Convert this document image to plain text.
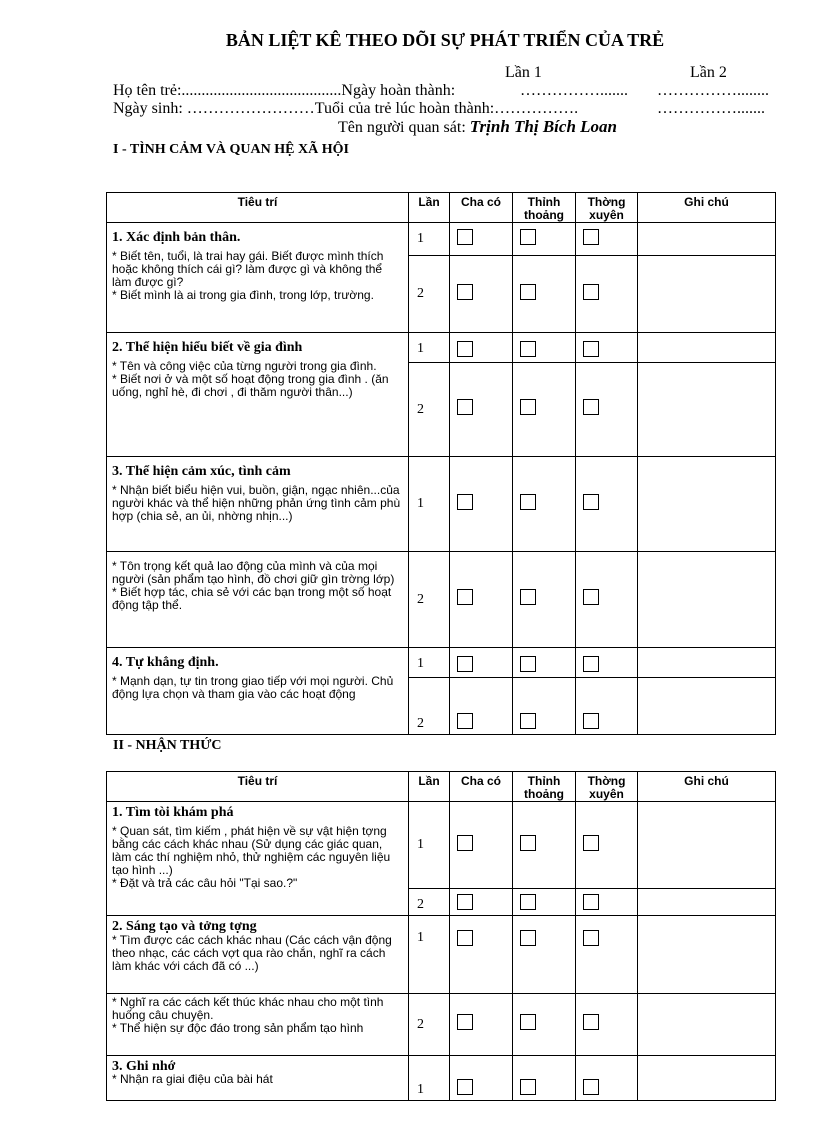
BẢN LIỆT KÊ THEO DÕI SỰ PHÁT TRIỂN CỦA TRẺ
Lần 1	Lần 2
Họ tên trẻ:........................................Ngày hoàn thành:	……………....... ……………........
Ngày sinh: ……………………Tuổi của trẻ lúc hoàn thành:…………….	…………….......
Tên người quan sát: Trịnh Thị Bích Loan
I - TÌNH CẢM VÀ QUAN HỆ XÃ HỘI
Tiêu trí	Lần	Cha có	Thỉnh thoảng	Thờng xuyên	Ghi chú

1. Xác định bản thân.
* Biết tên, tuổi, là trai hay gái. Biết được mình thích hoặc không thích cái gì? làm được gì và không thể làm được gì?
* Biết mình là ai trong gia đình, trong lớp, trường.	1				
	2				

2. Thể hiện hiểu biết về gia đình
* Tên và công việc của từng người trong gia đình.
* Biết nơi ở và một số hoạt động trong gia đình . (ăn uống, nghỉ hè, đi chơi , đi thăm người thân...)	1				
	2				

3. Thể hiện cảm xúc, tình cảm
* Nhận biết biểu hiện vui, buồn, giận, ngạc nhiên...của người khác và thể hiện những phản ứng tình cảm phù hợp (chia sẻ, an ủi, nhờng nhịn...)	1				

* Tôn trọng kết quả lao động của mình và của mọi người (sản phẩm tạo hình, đồ chơi giữ gìn trờng lớp)
* Biết hợp tác, chia sẻ với các bạn trong một số hoạt động tập thể.	2				

4. Tự khẳng định.
* Mạnh dạn, tự tin trong giao tiếp với mọi người. Chủ động lựa chọn và tham gia vào các hoạt động	1				
	2				
II - NHẬN THỨC
Tiêu trí	Lần	Cha có	Thỉnh thoảng	Thờng xuyên	Ghi chú

1. Tìm tòi khám phá
* Quan sát, tìm kiếm , phát hiện về sự vật hiện tợng bằng các cách khác nhau (Sử dụng các giác quan, làm các thí nghiệm nhỏ, thử nghiệm các nguyên liệu tạo hình ...)
* Đặt và trả các câu hỏi "Tại sao.?"	1				
	2				

2. Sáng tạo và tởng tợng
* Tìm được các cách khác nhau (Các cách vận động theo nhạc, các cách vợt qua rào chắn, nghĩ ra cách làm khác với cách đã có ...)	1				

* Nghĩ ra các cách kết thúc khác nhau cho một tình huống câu chuyện.
* Thể hiện sự độc đáo trong sản phẩm tạo hình	2				

3. Ghi nhớ
* Nhận ra giai điệu của bài hát	1				
